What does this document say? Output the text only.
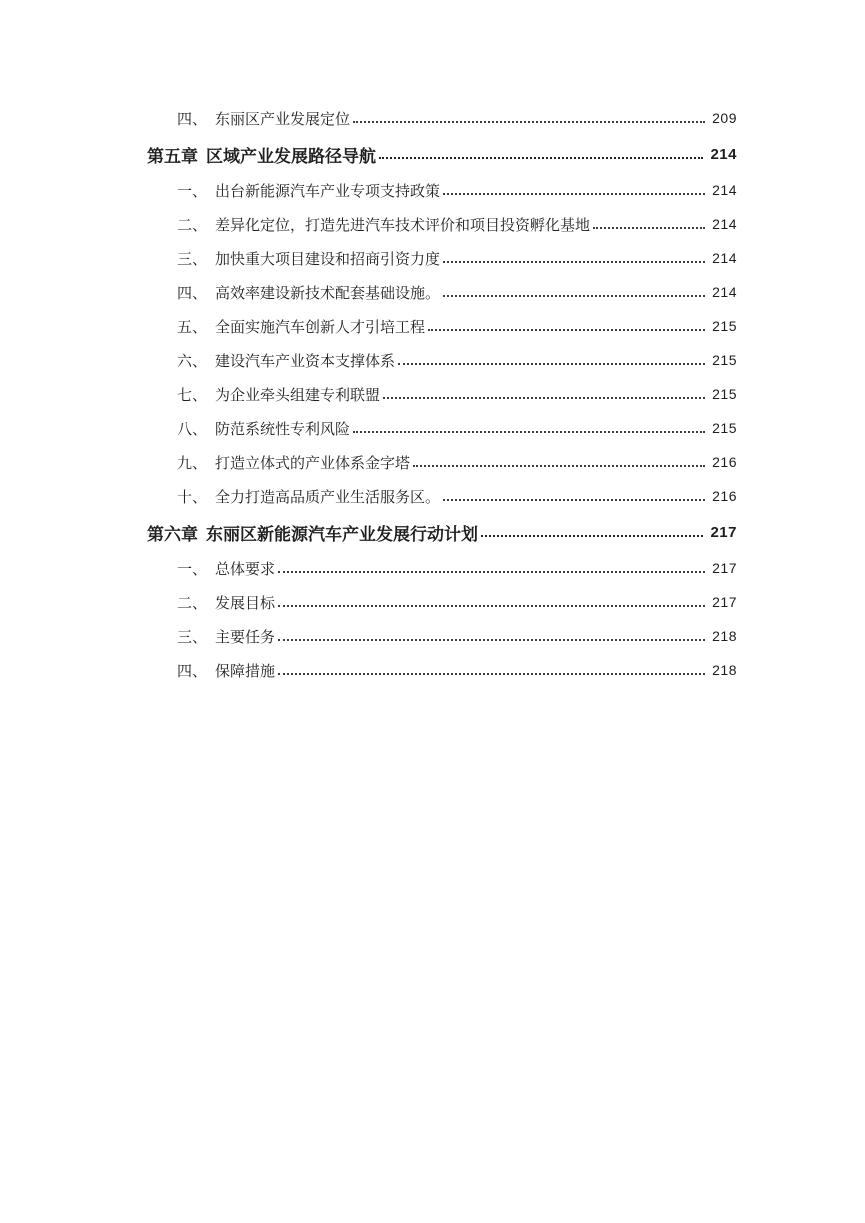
四、 东丽区产业发展定位	209
第五章 区域产业发展路径导航	214
一、 出台新能源汽车产业专项支持政策	214
二、 差异化定位，打造先进汽车技术评价和项目投资孵化基地	214
三、 加快重大项目建设和招商引资力度	214
四、 高效率建设新技术配套基础设施。	214
五、 全面实施汽车创新人才引培工程	215
六、 建设汽车产业资本支撑体系	215
七、 为企业牵头组建专利联盟	215
八、 防范系统性专利风险	215
九、 打造立体式的产业体系金字塔	216
十、 全力打造高品质产业生活服务区。	216
第六章 东丽区新能源汽车产业发展行动计划	217
一、 总体要求	217
二、 发展目标	217
三、 主要任务	218
四、 保障措施	218
